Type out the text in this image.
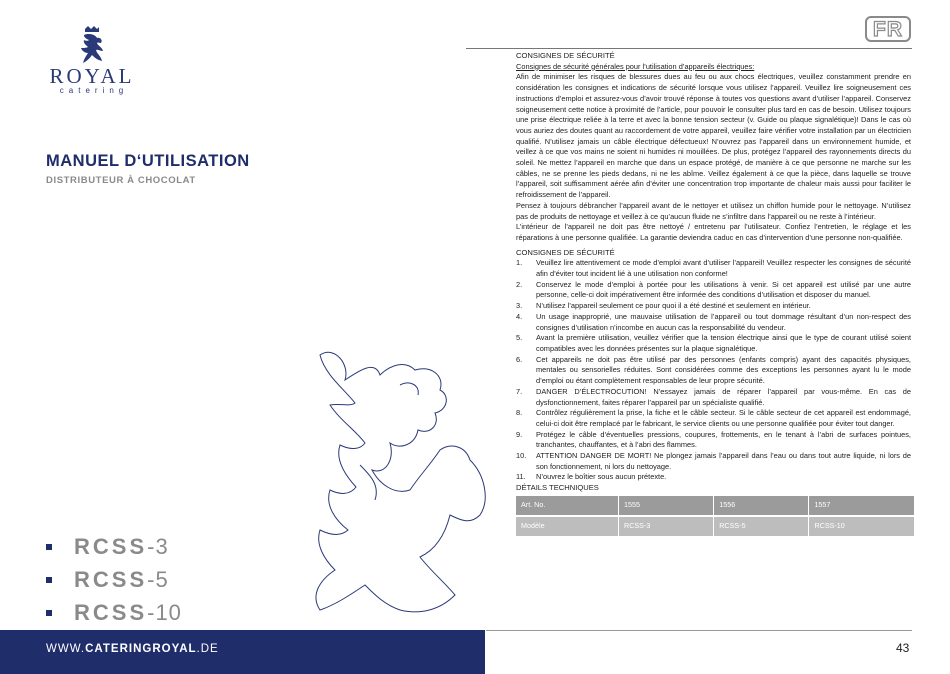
ROYAL
catering
MANUEL D‘UTILISATION
DISTRIBUTEUR À CHOCOLAT
RCSS -3
RCSS -5
RCSS -10
WWW.CATERINGROYAL.DE
FR

CONSIGNES DE SÉCURITÉ

Consignes de sécurité générales pour l’utilisation d’appareils électriques:

Afin de minimiser les risques de blessures dues au feu ou aux chocs électriques, veuillez constamment prendre en considération les consignes et indications de sécurité lorsque vous utilisez l’appareil. Veuillez lire soigneusement ces instructions d’emploi et assurez-vous d’avoir trouvé réponse à toutes vos questions avant d’utiliser l’appareil. Conservez soigneusement cette notice à proximité de l’article, pour pouvoir le consulter plus tard en cas de besoin. Utilisez toujours une prise électrique reliée à la terre et avec la bonne tension secteur (v. Guide ou plaque signalétique)! Dans le cas où vous auriez des doutes quant au raccordement de votre appareil, veuillez faire vérifier votre installation par un électricien qualifié. N’utilisez jamais un câble électrique défectueux! N’ouvrez pas l’appareil dans un environnement humide, et veillez à ce que vos mains ne soient ni humides ni mouillées. De plus, protégez l’appareil des rayonnements directs du soleil. Ne mettez l’appareil en marche que dans un espace protégé, de manière à ce que personne ne marche sur les câbles, ne se prenne les pieds dedans, ni ne les abîme. Veillez également à ce que la pièce, dans laquelle se trouve l’appareil, soit suffisamment aérée afin d’éviter une concentration trop importante de chaleur mais aussi pour faciliter le refroidissement de l’appareil.

Pensez à toujours débrancher l’appareil avant de le nettoyer et utilisez un chiffon humide pour le nettoyage. N’utilisez pas de produits de nettoyage et veillez à ce qu’aucun fluide ne s’infiltre dans l’appareil ou ne reste à l’intérieur.

L’intérieur de l’appareil ne doit pas être nettoyé / entretenu par l’utilisateur. Confiez l’entretien, le réglage et les réparations à une personne qualifiée. La garantie deviendra caduc en cas d’intervention d’une personne non-qualifiée.

CONSIGNES DE SÉCURITÉ

1.	Veuillez lire attentivement ce mode d’emploi avant d’utiliser l’appareil! Veuillez respecter les consignes de sécurité afin d’éviter tout incident lié à une utilisation non conforme!
2.	Conservez le mode d’emploi à portée pour les utilisations à venir. Si cet appareil est utilisé par une autre personne, celle-ci doit impérativement être informée des conditions d’utilisation et disposer du manuel.
3.	N’utilisez l’appareil seulement ce pour quoi il a été destiné et seulement en intérieur.
4.	Un usage inapproprié, une mauvaise utilisation de l’appareil ou tout dommage résultant d’un non-respect des consignes d’utilisation n’incombe en aucun cas la responsabilité du vendeur.
5.	Avant la première utilisation, veuillez vérifier que la tension électrique ainsi que le type de courant utilisé soient compatibles avec les données présentes sur la plaque signalétique.
6.	Cet appareils ne doit pas être utilisé par des personnes (enfants compris) ayant des capacités physiques, mentales ou sensorielles réduites. Sont considérées comme des exceptions les personnes ayant lu le mode d’emploi ou étant complètement responsables de leur propre sécurité.
7.	DANGER D’ÉLECTROCUTION! N’essayez jamais de réparer l’appareil par vous-même. En cas de dysfonctionnement, faites réparer l’appareil par un spécialiste qualifié.
8.	Contrôlez régulièrement la prise, la fiche et le câble secteur. Si le câble secteur de cet appareil est endommagé, celui-ci doit être remplacé par le fabricant, le service clients ou une personne qualifiée pour éviter tout danger.
9.	Protégez le câble d’éventuelles pressions, coupures, frottements, en le tenant à l’abri de surfaces pointues, tranchantes, chauffantes, et à l’abri des flammes.
10.	ATTENTION DANGER DE MORT! Ne plongez jamais l’appareil dans l’eau ou dans tout autre liquide, ni lors de son fonctionnement, ni lors du nettoyage.
11.	N’ouvrez le boîtier sous aucun prétexte.

DÉTAILS TECHNIQUES

Art. No.	1555	1556	1557
Modèle	RCSS-3	RCSS-5	RCSS-10
43
